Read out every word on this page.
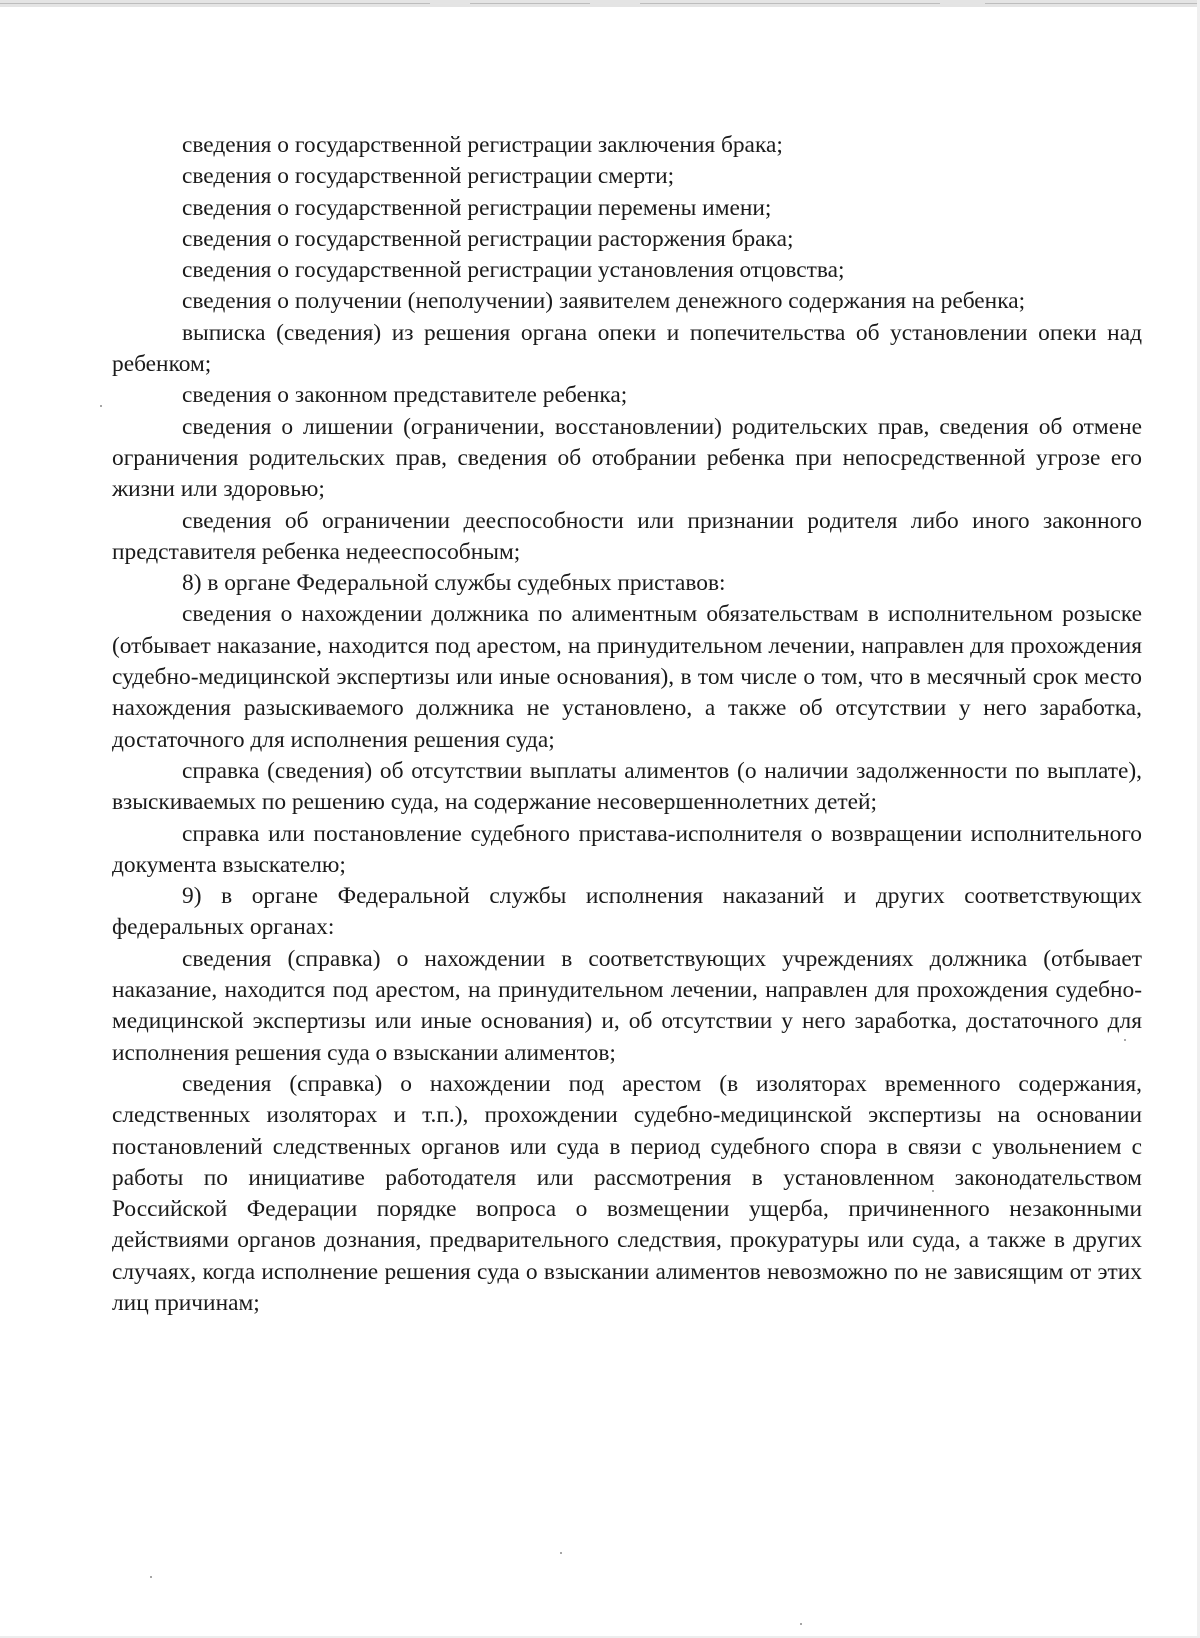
сведения о государственной регистрации заключения брака;

сведения о государственной регистрации смерти;

сведения о государственной регистрации перемены имени;

сведения о государственной регистрации расторжения брака;

сведения о государственной регистрации установления отцовства;

сведения о получении (неполучении) заявителем денежного содержания на ребенка;

выписка (сведения) из решения органа опеки и попечительства об установлении опеки над ребенком;

сведения о законном представителе ребенка;

сведения о лишении (ограничении, восстановлении) родительских прав, сведения об отмене ограничения родительских прав, сведения об отобрании ребенка при непосредственной угрозе его жизни или здоровью;

сведения об ограничении дееспособности или признании родителя либо иного законного представителя ребенка недееспособным;

8) в органе Федеральной службы судебных приставов:

сведения о нахождении должника по алиментным обязательствам в исполнительном розыске (отбывает наказание, находится под арестом, на принудительном лечении, направлен для прохождения судебно-медицинской экспертизы или иные основания), в том числе о том, что в месячный срок место нахождения разыскиваемого должника не установлено, а также об отсутствии у него заработка, достаточного для исполнения решения суда;

справка (сведения) об отсутствии выплаты алиментов (о наличии задолженности по выплате), взыскиваемых по решению суда, на содержание несовершеннолетних детей;

справка или постановление судебного пристава-исполнителя о возвращении исполнительного документа взыскателю;

9) в органе Федеральной службы исполнения наказаний и других соответствующих федеральных органах:

сведения (справка) о нахождении в соответствующих учреждениях должника (отбывает наказание, находится под арестом, на принудительном лечении, направлен для прохождения судебно-медицинской экспертизы или иные основания) и, об отсутствии у него заработка, достаточного для исполнения решения суда о взыскании алиментов;

сведения (справка) о нахождении под арестом (в изоляторах временного содержания, следственных изоляторах и т.п.), прохождении судебно-медицинской экспертизы на основании постановлений следственных органов или суда в период судебного спора в связи с увольнением с работы по инициативе работодателя или рассмотрения в установленном законодательством Российской Федерации порядке вопроса о возмещении ущерба, причиненного незаконными действиями органов дознания, предварительного следствия, прокуратуры или суда, а также в других случаях, когда исполнение решения суда о взыскании алиментов невозможно по не зависящим от этих лиц причинам;
